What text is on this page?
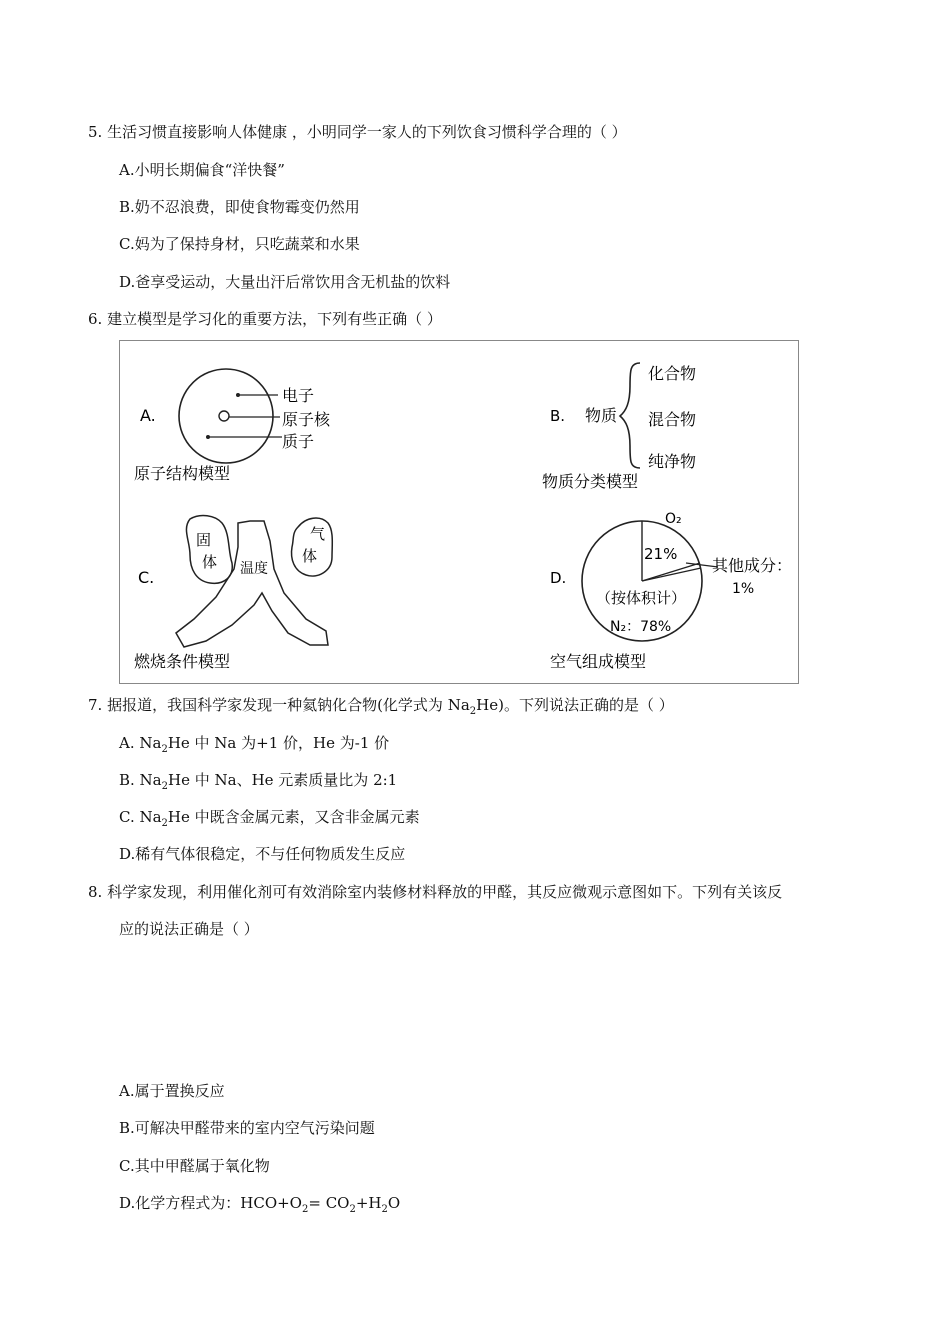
5. 生活习惯直接影响人体健康 ，小明同学一家人的下列饮食习惯科学合理的（ ）
A.小明长期偏食“洋快餐”
B.奶不忍浪费，即使食物霉变仍然用
C.妈为了保持身材，只吃蔬菜和水果
D.爸享受运动，大量出汗后常饮用含无机盐的饮料
6. 建立模型是学习化的重要方法，下列有些正确（ ）
A.
电子
原子核
质子
原子结构模型
B. 物质
化合物
混合物
纯净物
物质分类模型
C.
固
体
气
体
温度
燃烧条件模型
D.
O₂
21%
其他成分：
1%
（按体积计）
N₂：78%
空气组成模型
7. 据报道，我国科学家发现一种氦钠化合物(化学式为 $Na_2He$)。下列说法正确的是（ ）
A. $Na_2He$ 中 Na 为+1 价，He 为-1 价
B. $Na_2He$ 中 Na、He 元素质量比为 2:1
C. $Na_2He$ 中既含金属元素，又含非金属元素
D.稀有气体很稳定，不与任何物质发生反应
8. 科学家发现，利用催化剂可有效消除室内装修材料释放的甲醛，其反应微观示意图如下。下列有关该反
应的说法正确是（ ）
A.属于置换反应
B.可解决甲醛带来的室内空气污染问题
C.其中甲醛属于氧化物
D.化学方程式为：$HCO+O_2= CO_2+H_2O$
